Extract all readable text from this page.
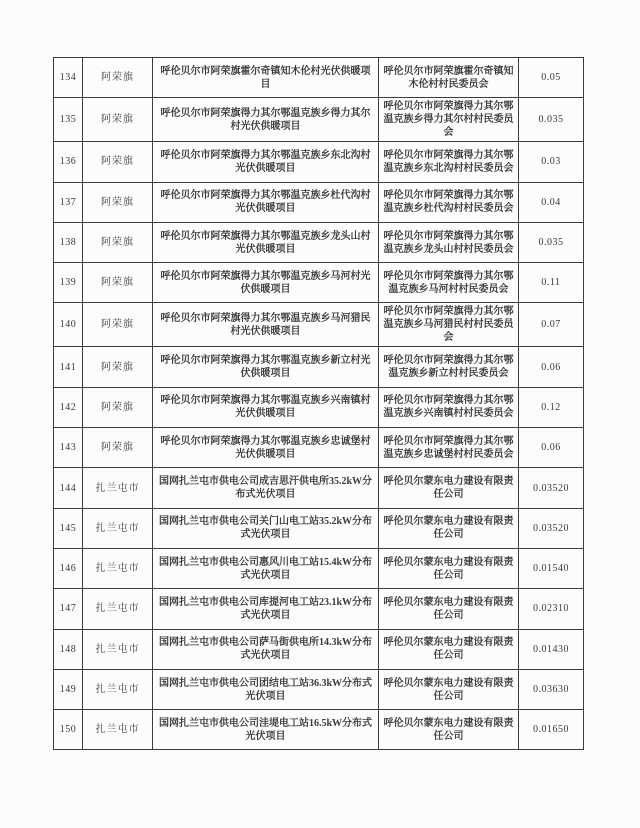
134	阿荣旗	呼伦贝尔市阿荣旗霍尔奇镇知木伦村光伏供暖项目	呼伦贝尔市阿荣旗霍尔奇镇知木伦村村民委员会	0.05
135	阿荣旗	呼伦贝尔市阿荣旗得力其尔鄂温克族乡得力其尔村光伏供暖项目	呼伦贝尔市阿荣旗得力其尔鄂温克族乡得力其尔村村民委员会	0.035
136	阿荣旗	呼伦贝尔市阿荣旗得力其尔鄂温克族乡东北沟村光伏供暖项目	呼伦贝尔市阿荣旗得力其尔鄂温克族乡东北沟村村民委员会	0.03
137	阿荣旗	呼伦贝尔市阿荣旗得力其尔鄂温克族乡杜代沟村光伏供暖项目	呼伦贝尔市阿荣旗得力其尔鄂温克族乡杜代沟村村民委员会	0.04
138	阿荣旗	呼伦贝尔市阿荣旗得力其尔鄂温克族乡龙头山村光伏供暖项目	呼伦贝尔市阿荣旗得力其尔鄂温克族乡龙头山村村民委员会	0.035
139	阿荣旗	呼伦贝尔市阿荣旗得力其尔鄂温克族乡马河村光伏供暖项目	呼伦贝尔市阿荣旗得力其尔鄂温克族乡马河村村民委员会	0.11
140	阿荣旗	呼伦贝尔市阿荣旗得力其尔鄂温克族乡马河猎民村光伏供暖项目	呼伦贝尔市阿荣旗得力其尔鄂温克族乡马河猎民村村民委员会	0.07
141	阿荣旗	呼伦贝尔市阿荣旗得力其尔鄂温克族乡新立村光伏供暖项目	呼伦贝尔市阿荣旗得力其尔鄂温克族乡新立村村民委员会	0.06
142	阿荣旗	呼伦贝尔市阿荣旗得力其尔鄂温克族乡兴南镇村光伏供暖项目	呼伦贝尔市阿荣旗得力其尔鄂温克族乡兴南镇村村民委员会	0.12
143	阿荣旗	呼伦贝尔市阿荣旗得力其尔鄂温克族乡忠诚堡村光伏供暖项目	呼伦贝尔市阿荣旗得力其尔鄂温克族乡忠诚堡村村民委员会	0.06
144	扎兰屯市	国网扎兰屯市供电公司成吉思汗供电所35.2kW分布式光伏项目	呼伦贝尔蒙东电力建设有限责任公司	0.03520
145	扎兰屯市	国网扎兰屯市供电公司关门山电工站35.2kW分布式光伏项目	呼伦贝尔蒙东电力建设有限责任公司	0.03520
146	扎兰屯市	国网扎兰屯市供电公司惠风川电工站15.4kW分布式光伏项目	呼伦贝尔蒙东电力建设有限责任公司	0.01540
147	扎兰屯市	国网扎兰屯市供电公司库提河电工站23.1kW分布式光伏项目	呼伦贝尔蒙东电力建设有限责任公司	0.02310
148	扎兰屯市	国网扎兰屯市供电公司萨马街供电所14.3kW分布式光伏项目	呼伦贝尔蒙东电力建设有限责任公司	0.01430
149	扎兰屯市	国网扎兰屯市供电公司团结电工站36.3kW分布式光伏项目	呼伦贝尔蒙东电力建设有限责任公司	0.03630
150	扎兰屯市	国网扎兰屯市供电公司洼堤电工站16.5kW分布式光伏项目	呼伦贝尔蒙东电力建设有限责任公司	0.01650
